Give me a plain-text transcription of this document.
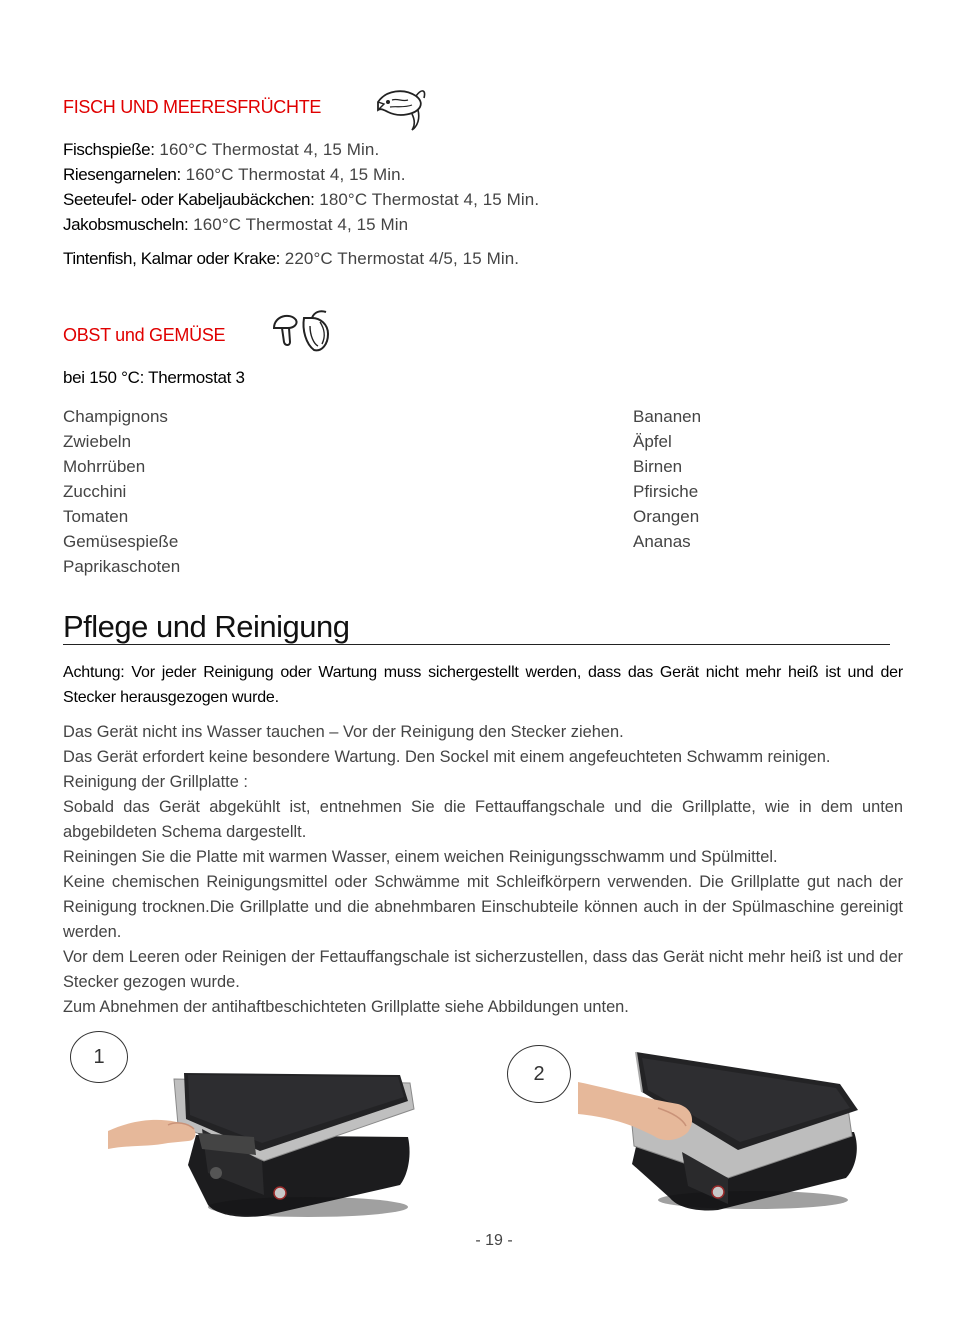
FISCH UND MEERESFRÜCHTE
Fischspieße: 160°C Thermostat 4, 15 Min.
Riesengarnelen: 160°C Thermostat 4, 15 Min.
Seeteufel- oder Kabeljaubäckchen: 180°C Thermostat 4, 15 Min.
Jakobsmuscheln: 160°C Thermostat 4, 15 Min
Tintenfish, Kalmar oder Krake: 220°C Thermostat 4/5, 15 Min.
OBST und GEMÜSE
bei 150 °C: Thermostat 3
Champignons
Zwiebeln
Mohrrüben
Zucchini
Tomaten
Gemüsespieße
Paprikaschoten
Bananen
Äpfel
Birnen
Pfirsiche
Orangen
Ananas
Pflege und Reinigung
Achtung: Vor jeder Reinigung oder Wartung muss sichergestellt werden, dass das Gerät nicht mehr heiß ist und der Stecker herausgezogen wurde.

Das Gerät nicht ins Wasser tauchen – Vor der Reinigung den Stecker ziehen.

Das Gerät erfordert keine besondere Wartung. Den Sockel mit einem angefeuchteten Schwamm reinigen.

Reinigung der Grillplatte :

Sobald das Gerät abgekühlt ist, entnehmen Sie die Fettauffangschale und die Grillplatte, wie in dem unten abgebildeten Schema dargestellt.

Reiningen Sie die Platte mit warmen Wasser, einem weichen Reinigungsschwamm und Spülmittel.

Keine chemischen Reinigungsmittel oder Schwämme mit Schleifkörpern verwenden. Die Grillplatte gut nach der Reinigung trocknen.Die Grillplatte und die abnehmbaren Einschubteile können auch in der Spülmaschine gereinigt werden.

Vor dem Leeren oder Reinigen der Fettauffangschale ist sicherzustellen, dass das Gerät nicht mehr heiß ist und der Stecker gezogen wurde.

Zum Abnehmen der antihaftbeschichteten Grillplatte siehe Abbildungen unten.

1
2
- 19 -
